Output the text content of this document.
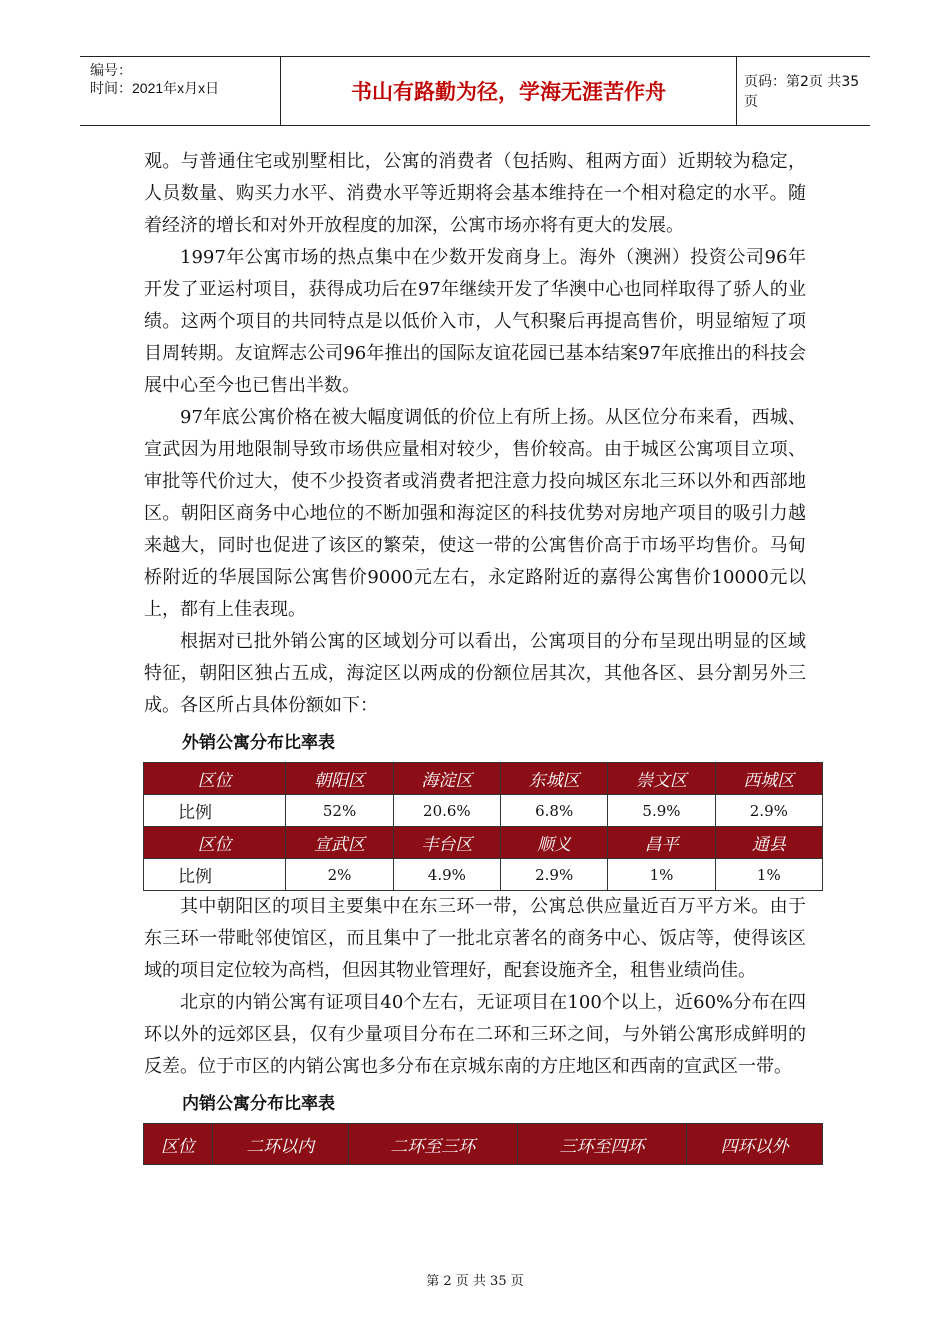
编号：
时间：2021年x月x日	书山有路勤为径，学海无涯苦作舟	页码：第2页 共35页

观。与普通住宅或别墅相比，公寓的消费者（包括购、租两方面）近期较为稳定，人员数量、购买力水平、消费水平等近期将会基本维持在一个相对稳定的水平。随着经济的增长和对外开放程度的加深，公寓市场亦将有更大的发展。

1997年公寓市场的热点集中在少数开发商身上。海外（澳洲）投资公司96年开发了亚运村项目，获得成功后在97年继续开发了华澳中心也同样取得了骄人的业绩。这两个项目的共同特点是以低价入市，人气积聚后再提高售价，明显缩短了项目周转期。友谊辉志公司96年推出的国际友谊花园已基本结案97年底推出的科技会展中心至今也已售出半数。

97年底公寓价格在被大幅度调低的价位上有所上扬。从区位分布来看，西城、宣武因为用地限制导致市场供应量相对较少，售价较高。由于城区公寓项目立项、审批等代价过大，使不少投资者或消费者把注意力投向城区东北三环以外和西部地区。朝阳区商务中心地位的不断加强和海淀区的科技优势对房地产项目的吸引力越来越大，同时也促进了该区的繁荣，使这一带的公寓售价高于市场平均售价。马甸桥附近的华展国际公寓售价9000元左右，永定路附近的嘉得公寓售价10000元以上，都有上佳表现。

根据对已批外销公寓的区域划分可以看出，公寓项目的分布呈现出明显的区域特征，朝阳区独占五成，海淀区以两成的份额位居其次，其他各区、县分割另外三成。各区所占具体份额如下：

外销公寓分布比率表
区位	朝阳区	海淀区	东城区	崇文区	西城区
比例	52%	20.6%	6.8%	5.9%	2.9%
区位	宣武区	丰台区	顺义	昌平	通县
比例	2%	4.9%	2.9%	1%	1%

其中朝阳区的项目主要集中在东三环一带，公寓总供应量近百万平方米。由于东三环一带毗邻使馆区，而且集中了一批北京著名的商务中心、饭店等，使得该区域的项目定位较为高档，但因其物业管理好，配套设施齐全，租售业绩尚佳。

北京的内销公寓有证项目40个左右，无证项目在100个以上，近60%分布在四环以外的远郊区县，仅有少量项目分布在二环和三环之间，与外销公寓形成鲜明的反差。位于市区的内销公寓也多分布在京城东南的方庄地区和西南的宣武区一带。

内销公寓分布比率表
区位	二环以内	二环至三环	三环至四环	四环以外
第 2 页 共 35 页
